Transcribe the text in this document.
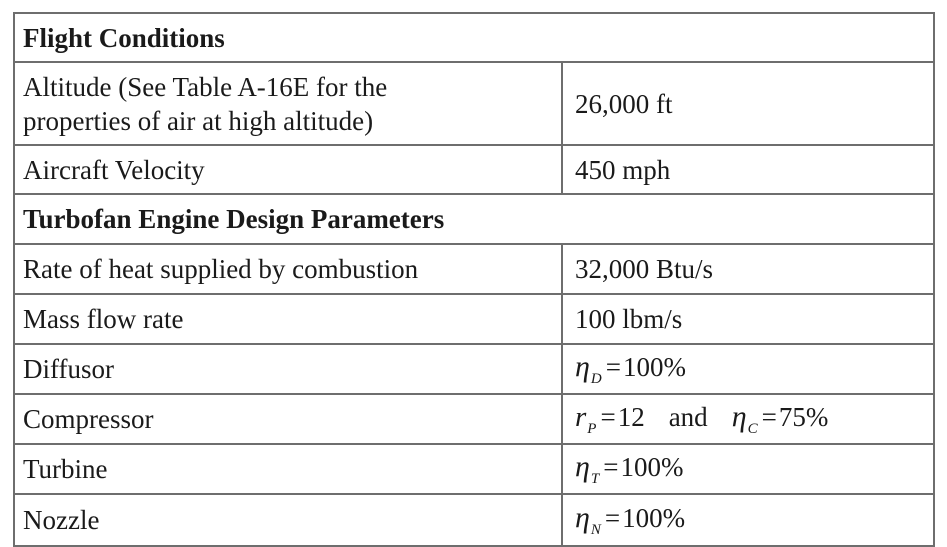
Flight Conditions	
Altitude (See Table A-16E for the
properties of air at high altitude)	26,000 ft
Aircraft Velocity	450 mph
Turbofan Engine Design Parameters	
Rate of heat supplied by combustion	32,000 Btu/s
Mass flow rate	100 lbm/s
Diffusor	$\eta_D =100\%$
Compressor	$r_P =12$ and $\eta_C =75\%$
Turbine	$\eta_T =100\%$
Nozzle	$\eta_N =100\%$
